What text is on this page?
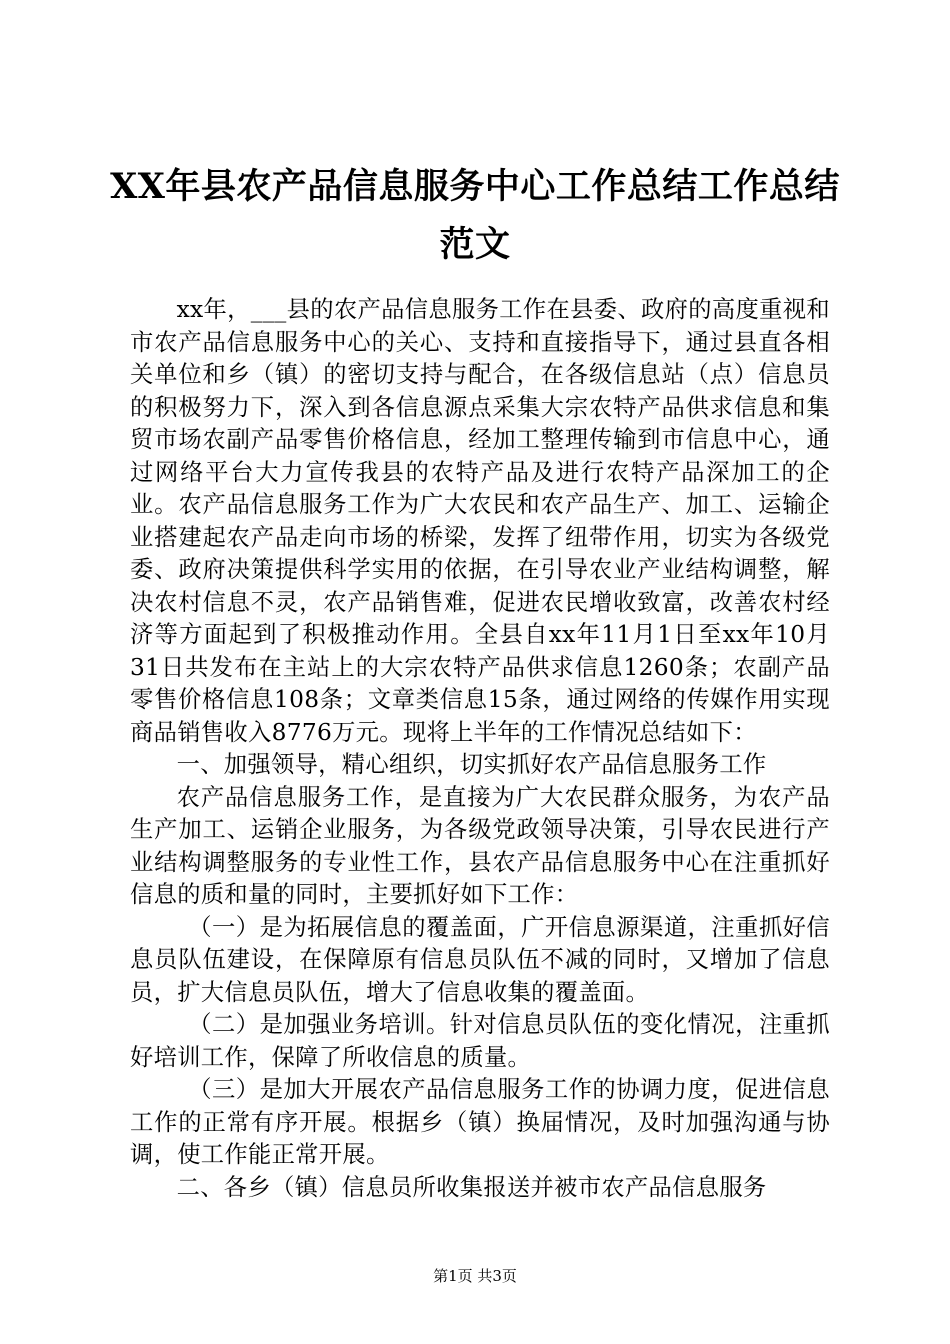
XX年县农产品信息服务中心工作总结工作总结范文

xx年，___县的农产品信息服务工作在县委、政府的高度重视和市农产品信息服务中心的关心、支持和直接指导下，通过县直各相关单位和乡（镇）的密切支持与配合，在各级信息站（点）信息员的积极努力下，深入到各信息源点采集大宗农特产品供求信息和集贸市场农副产品零售价格信息，经加工整理传输到市信息中心，通过网络平台大力宣传我县的农特产品及进行农特产品深加工的企业。农产品信息服务工作为广大农民和农产品生产、加工、运输企业搭建起农产品走向市场的桥梁，发挥了纽带作用，切实为各级党委、政府决策提供科学实用的依据，在引导农业产业结构调整，解决农村信息不灵，农产品销售难，促进农民增收致富，改善农村经济等方面起到了积极推动作用。全县自xx年11月1日至xx年10月31日共发布在主站上的大宗农特产品供求信息1260条；农副产品零售价格信息108条；文章类信息15条，通过网络的传媒作用实现商品销售收入8776万元。现将上半年的工作情况总结如下：

一、加强领导，精心组织，切实抓好农产品信息服务工作

农产品信息服务工作，是直接为广大农民群众服务，为农产品生产加工、运销企业服务，为各级党政领导决策，引导农民进行产业结构调整服务的专业性工作，县农产品信息服务中心在注重抓好信息的质和量的同时，主要抓好如下工作：

（一）是为拓展信息的覆盖面，广开信息源渠道，注重抓好信息员队伍建设，在保障原有信息员队伍不减的同时，又增加了信息员，扩大信息员队伍，增大了信息收集的覆盖面。

（二）是加强业务培训。针对信息员队伍的变化情况，注重抓好培训工作，保障了所收信息的质量。

（三）是加大开展农产品信息服务工作的协调力度，促进信息工作的正常有序开展。根据乡（镇）换届情况，及时加强沟通与协调，使工作能正常开展。

二、各乡（镇）信息员所收集报送并被市农产品信息服务

第1页 共3页
